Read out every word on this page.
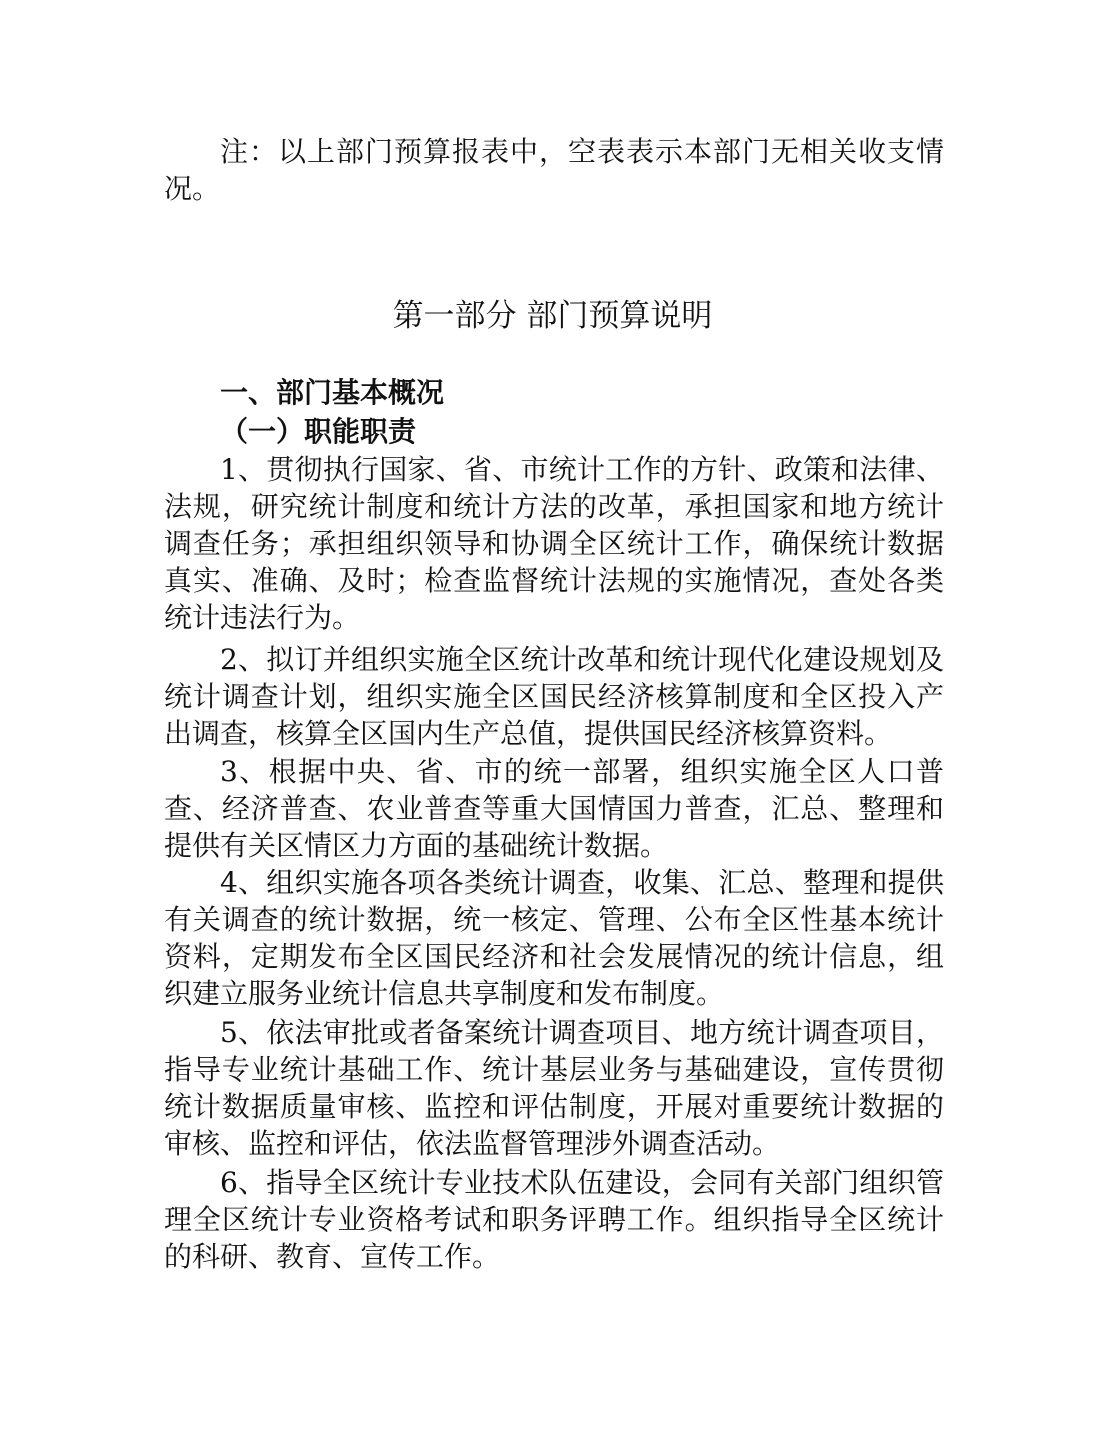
注：以上部门预算报表中，空表表示本部门无相关收支情况。

第一部分 部门预算说明
一、部门基本概况
（一）职能职责

1、贯彻执行国家、省、市统计工作的方针、政策和法律、法规，研究统计制度和统计方法的改革，承担国家和地方统计调查任务；承担组织领导和协调全区统计工作，确保统计数据真实、准确、及时；检查监督统计法规的实施情况，查处各类统计违法行为。

2、拟订并组织实施全区统计改革和统计现代化建设规划及统计调查计划，组织实施全区国民经济核算制度和全区投入产出调查，核算全区国内生产总值，提供国民经济核算资料。

3、根据中央、省、市的统一部署，组织实施全区人口普查、经济普查、农业普查等重大国情国力普查，汇总、整理和提供有关区情区力方面的基础统计数据。

4、组织实施各项各类统计调查，收集、汇总、整理和提供有关调查的统计数据，统一核定、管理、公布全区性基本统计资料，定期发布全区国民经济和社会发展情况的统计信息，组织建立服务业统计信息共享制度和发布制度。

5、依法审批或者备案统计调查项目、地方统计调查项目，指导专业统计基础工作、统计基层业务与基础建设，宣传贯彻统计数据质量审核、监控和评估制度，开展对重要统计数据的审核、监控和评估，依法监督管理涉外调查活动。

6、指导全区统计专业技术队伍建设，会同有关部门组织管理全区统计专业资格考试和职务评聘工作。组织指导全区统计的科研、教育、宣传工作。
